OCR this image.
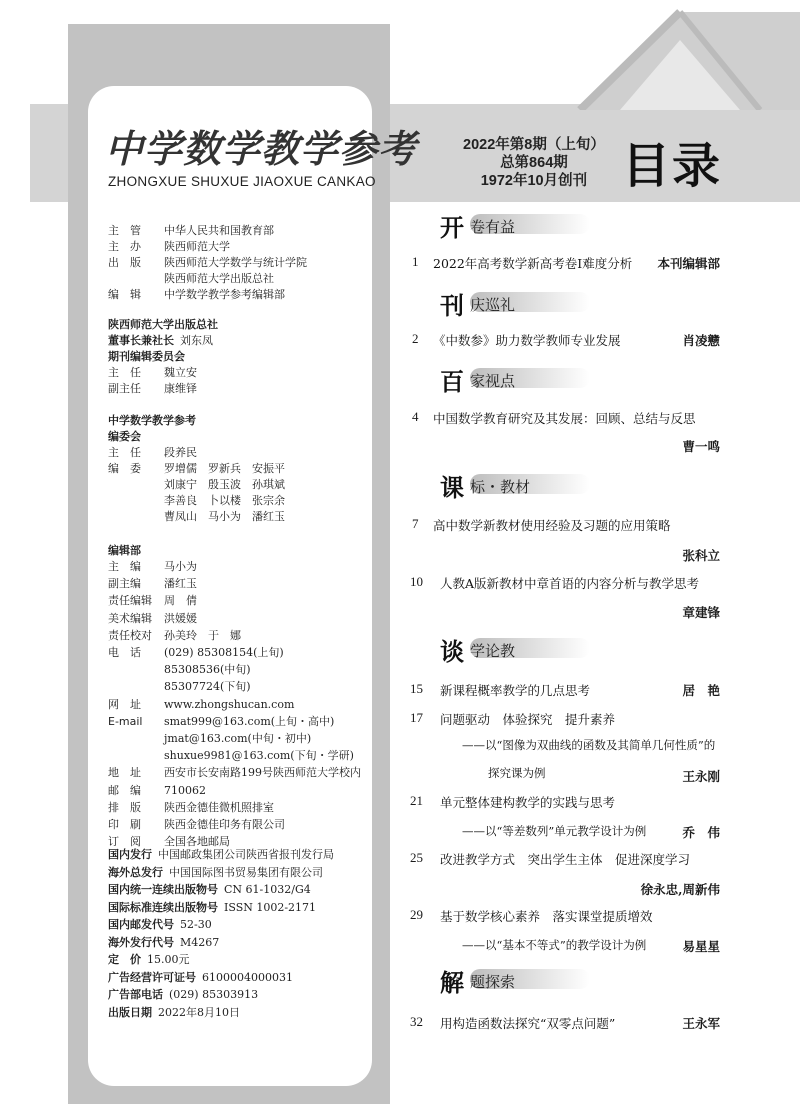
中学数学教学参考
ZHONGXUE SHUXUE JIAOXUE CANKAO
2022年第8期（上旬）
总第864期
1972年10月创刊 目录
主　管 中华人民共和国教育部
主　办 陕西师范大学
出　版 陕西师范大学数学与统计学院
陕西师范大学出版总社
编　辑 中学数学教学参考编辑部
陕西师范大学出版总社
董事长兼社长 刘东凤
期刊编辑委员会
主　任 魏立安
副主任 康维铎
中学数学教学参考
编委会
主　任 段养民
编　委 罗增儒　罗新兵　安振平
刘康宁　殷玉波　孙琪斌
李善良　卜以楼　张宗余
曹凤山　马小为　潘红玉
编辑部
主　编 马小为
副主编 潘红玉
责任编辑 周　倩
美术编辑 洪媛媛
责任校对 孙美玲　于　娜
电　话 (029) 85308154(上旬)
85308536(中旬)
85307724(下旬)
网　址 www.zhongshucan.com
E-mail smat999@163.com(上旬・高中)
jmat@163.com(中旬・初中)
shuxue9981@163.com(下旬・学研)
地　址 西安市长安南路199号陕西师范大学校内
邮　编 710062
排　版 陕西金德佳微机照排室
印　刷 陕西金德佳印务有限公司
订　阅 全国各地邮局
国内发行 中国邮政集团公司陕西省报刊发行局
海外总发行 中国国际图书贸易集团有限公司
国内统一连续出版物号 CN 61-1032/G4
国际标准连续出版物号 ISSN 1002-2171
国内邮发代号 52-30
海外发行代号 M4267
定　价 15.00元
广告经营许可证号 6100004000031
广告部电话 (029) 85303913
出版日期 2022年8月10日
开 卷有益
刊 庆巡礼
百 家视点
课 标・教材
谈 学论教
解 题探索
1 2022年高考数学新高考卷Ⅰ难度分析 本刊编辑部
2 《中数参》助力数学教师专业发展	肖凌戆
4 中国数学教育研究及其发展：回顾、总结与反思
曹一鸣
7 高中数学新教材使用经验及习题的应用策略
张科立
10 人教A版新教材中章首语的内容分析与教学思考
章建锋
15 新课程概率教学的几点思考	居　艳
17 问题驱动　体验探究　提升素养
——以“图像为双曲线的函数及其简单几何性质”的
探究课为例	王永刚
21 单元整体建构教学的实践与思考
——以“等差数列”单元教学设计为例	乔　伟
25 改进教学方式　突出学生主体　促进深度学习
徐永忠,周新伟
29 基于数学核心素养　落实课堂提质增效
——以“基本不等式”的教学设计为例	易星星
32 用构造函数法探究“双零点问题”	王永军
